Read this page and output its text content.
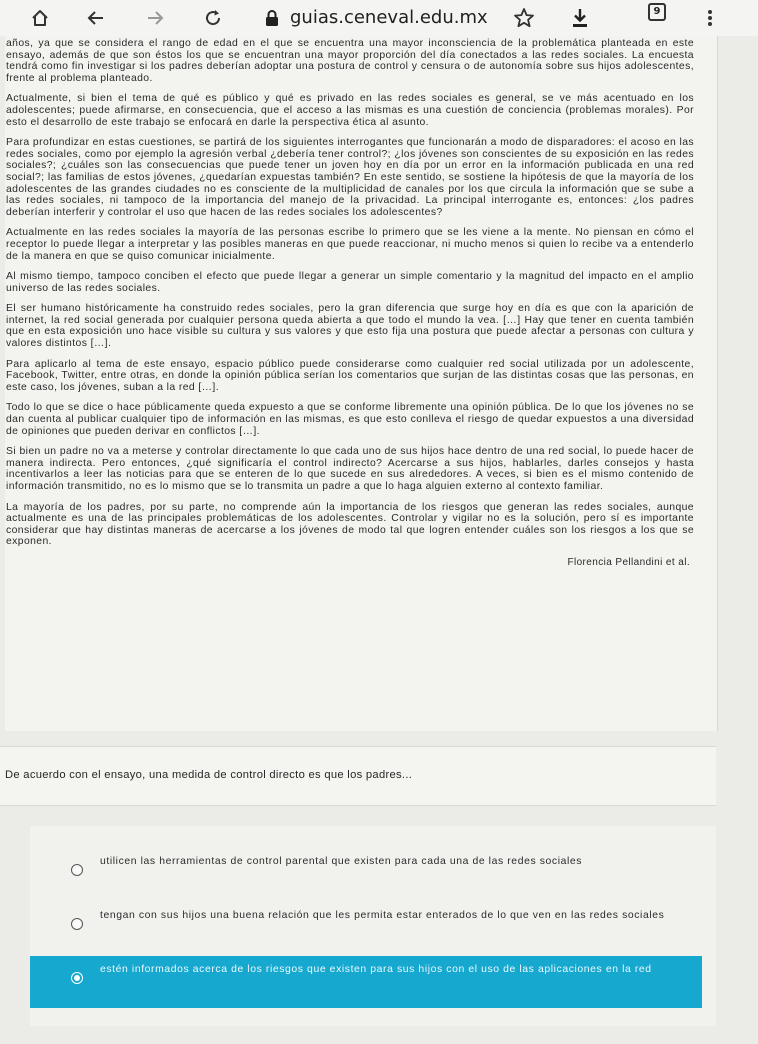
guias.ceneval.edu.mx	9

años, ya que se considera el rango de edad en el que se encuentra una mayor inconsciencia de la problemática planteada en este ensayo, además de que son éstos los que se encuentran una mayor proporción del día conectados a las redes sociales. La encuesta tendrá como fin investigar si los padres deberían adoptar una postura de control y censura o de autonomía sobre sus hijos adolescentes, frente al problema planteado.

Actualmente, si bien el tema de qué es público y qué es privado en las redes sociales es general, se ve más acentuado en los adolescentes; puede afirmarse, en consecuencia, que el acceso a las mismas es una cuestión de conciencia (problemas morales). Por esto el desarrollo de este trabajo se enfocará en darle la perspectiva ética al asunto.

Para profundizar en estas cuestiones, se partirá de los siguientes interrogantes que funcionarán a modo de disparadores: el acoso en las redes sociales, como por ejemplo la agresión verbal ¿debería tener control?; ¿los jóvenes son conscientes de su exposición en las redes sociales?; ¿cuáles son las consecuencias que puede tener un joven hoy en día por un error en la información publicada en una red social?; las familias de estos jóvenes, ¿quedarían expuestas también? En este sentido, se sostiene la hipótesis de que la mayoría de los adolescentes de las grandes ciudades no es consciente de la multiplicidad de canales por los que circula la información que se sube a las redes sociales, ni tampoco de la importancia del manejo de la privacidad. La principal interrogante es, entonces: ¿los padres deberían interferir y controlar el uso que hacen de las redes sociales los adolescentes?

Actualmente en las redes sociales la mayoría de las personas escribe lo primero que se les viene a la mente. No piensan en cómo el receptor lo puede llegar a interpretar y las posibles maneras en que puede reaccionar, ni mucho menos si quien lo recibe va a entenderlo de la manera en que se quiso comunicar inicialmente.

Al mismo tiempo, tampoco conciben el efecto que puede llegar a generar un simple comentario y la magnitud del impacto en el amplio universo de las redes sociales.

El ser humano históricamente ha construido redes sociales, pero la gran diferencia que surge hoy en día es que con la aparición de internet, la red social generada por cualquier persona queda abierta a que todo el mundo la vea. […] Hay que tener en cuenta también que en esta exposición uno hace visible su cultura y sus valores y que esto fija una postura que puede afectar a personas con cultura y valores distintos […].

Para aplicarlo al tema de este ensayo, espacio público puede considerarse como cualquier red social utilizada por un adolescente, Facebook, Twitter, entre otras, en donde la opinión pública serían los comentarios que surjan de las distintas cosas que las personas, en este caso, los jóvenes, suban a la red […].

Todo lo que se dice o hace públicamente queda expuesto a que se conforme libremente una opinión pública. De lo que los jóvenes no se dan cuenta al publicar cualquier tipo de información en las mismas, es que esto conlleva el riesgo de quedar expuestos a una diversidad de opiniones que pueden derivar en conflictos […].

Si bien un padre no va a meterse y controlar directamente lo que cada uno de sus hijos hace dentro de una red social, lo puede hacer de manera indirecta. Pero entonces, ¿qué significaría el control indirecto? Acercarse a sus hijos, hablarles, darles consejos y hasta incentivarlos a leer las noticias para que se enteren de lo que sucede en sus alrededores. A veces, si bien es el mismo contenido de información transmitido, no es lo mismo que se lo transmita un padre a que lo haga alguien externo al contexto familiar.

La mayoría de los padres, por su parte, no comprende aún la importancia de los riesgos que generan las redes sociales, aunque actualmente es una de las principales problemáticas de los adolescentes. Controlar y vigilar no es la solución, pero sí es importante considerar que hay distintas maneras de acercarse a los jóvenes de modo tal que logren entender cuáles son los riesgos a los que se exponen.

Florencia Pellandini et al.

De acuerdo con el ensayo, una medida de control directo es que los padres...
utilicen las herramientas de control parental que existen para cada una de las redes sociales
tengan con sus hijos una buena relación que les permita estar enterados de lo que ven en las redes sociales
estén informados acerca de los riesgos que existen para sus hijos con el uso de las aplicaciones en la red
